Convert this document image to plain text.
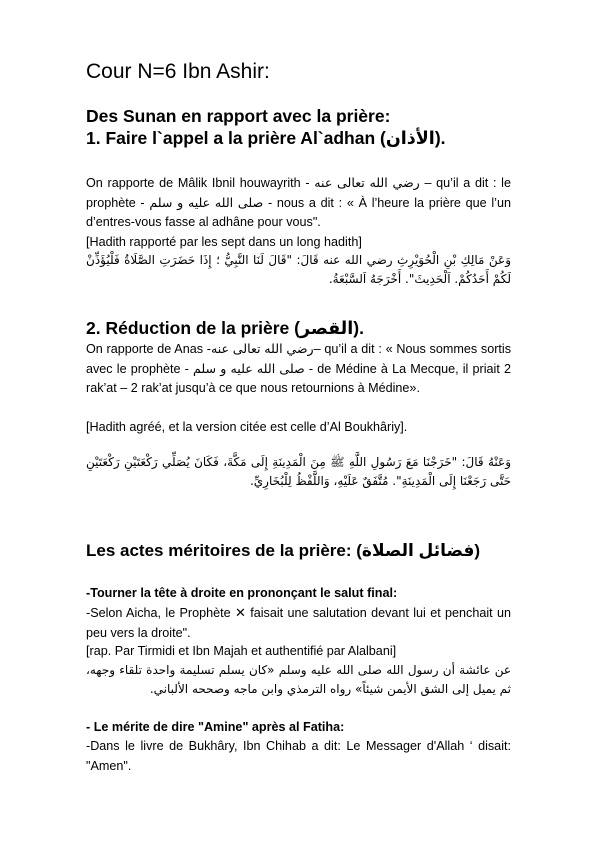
Cour N=6 Ibn Ashir:
Des Sunan en rapport avec la prière:
1. Faire l`appel a la prière Al`adhan (الأذان).
On rapporte de Mâlik Ibnil houwayrith - رضي الله تعالى عنه – qu’il a dit : le prophète - صلى الله عليه و سلم - nous a dit : « À l’heure la prière que l’un d’entres-vous fasse al adhâne pour vous".
[Hadith rapporté par les sept dans un long hadith]
وَعَنْ مَالِكِ بْنِ الْحُوَيْرِثِ رضي الله عنه قَالَ: "قَالَ لَنَا النَّبِيُّ ؛ إِذَا حَضَرَتِ الصَّلَاةُ فَلْيُؤَذِّنْ لَكُمْ أَحَدُكُمْ. اَلْحَدِيثَ". أَخْرَجَهُ اَلسَّبْعَةُ.
2. Réduction de la prière (القصر).
On rapporte de Anas -رضي الله تعالى عنه– qu’il a dit : « Nous sommes sortis avec le prophète - صلى الله عليه و سلم - de Médine à La Mecque, il priait 2 rak’at – 2 rak’at jusqu’à ce que nous retournions à Médine».
[Hadith agréé, et la version citée est celle d’Al Boukhâriy].
وَعَنْهُ قَالَ: "خَرَجْنَا مَعَ رَسُولِ اللَّهِ ﷺ مِنَ الْمَدِينَةِ إِلَى مَكَّةَ، فَكَانَ يُصَلِّي رَكْعَتَيْنِ رَكْعَتَيْنِ حَتَّى رَجَعْنَا إِلَى الْمَدِينَةِ". مُتَّفَقٌ عَلَيْهِ، وَاللَّفْظُ لِلْبُخَارِيِّ.
Les actes méritoires de la prière: (فضائل الصلاة)
-Tourner la tête à droite en prononçant le salut final:
-Selon Aicha, le Prophète ✕ faisait une salutation devant lui et penchait un peu vers la droite".
[rap. Par Tirmidi et Ibn Majah et authentifié par Alalbani]
عن عائشة أن رسول الله صلى الله عليه وسلم «كان يسلم تسليمة واحدة تلقاء وجهه، ثم يميل إلى الشق الأيمن شيئاً» رواه الترمذي وابن ماجه وصححه الألباني.
- Le mérite de dire "Amine" après al Fatiha:
-Dans le livre de Bukhâry, Ibn Chihab a dit: Le Messager d'Allah ‘ disait: "Amen".
